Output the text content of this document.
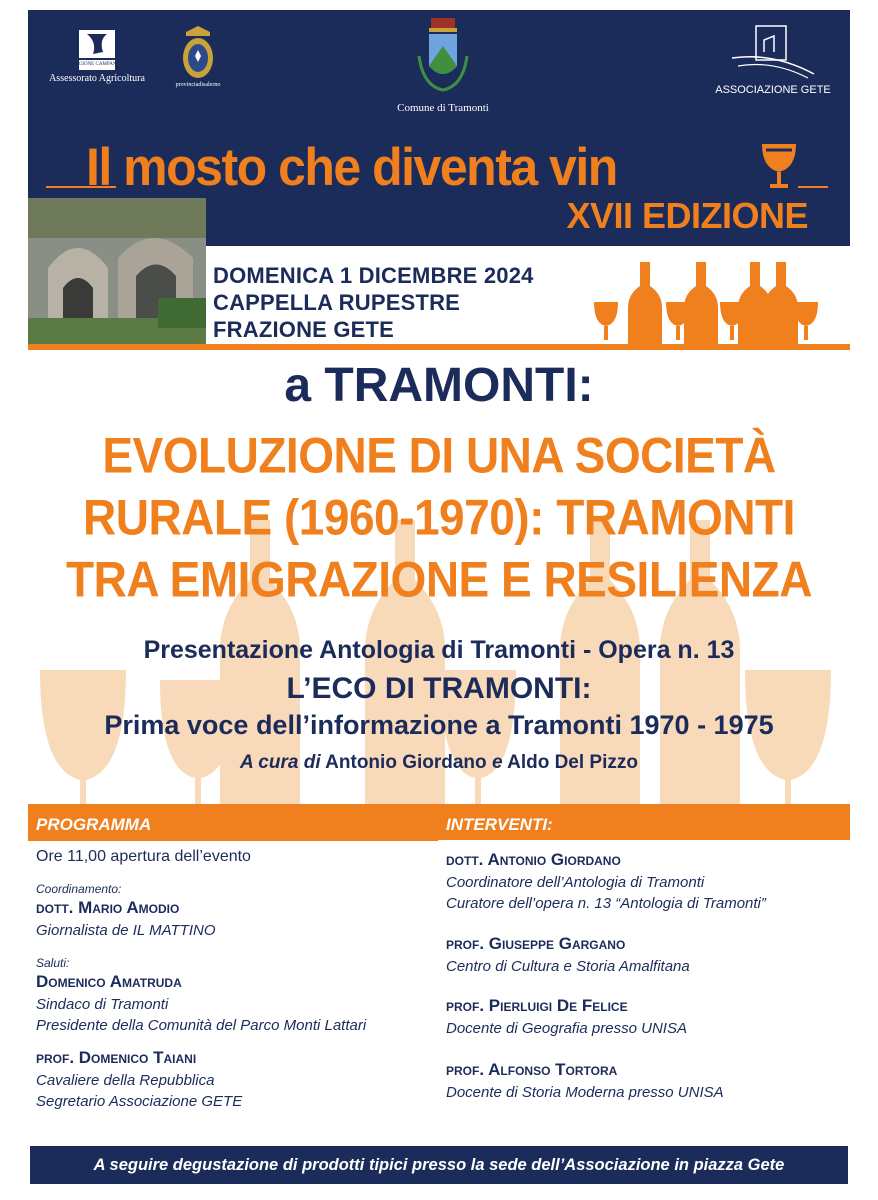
REGIONE CAMPANIA
Assessorato Agricoltura
provinciadisalerno
Comune di Tramonti
ASSOCIAZIONE GETE
Il mosto che diventa vin
XVII EDIZIONE
DOMENICA 1 DICEMBRE 2024
CAPPELLA RUPESTRE
FRAZIONE GETE
a TRAMONTI:
EVOLUZIONE DI UNA SOCIETÀ
RURALE (1960-1970): TRAMONTI
TRA EMIGRAZIONE E RESILIENZA
Presentazione Antologia di Tramonti - Opera n. 13
L’ECO DI TRAMONTI:
Prima voce dell’informazione a Tramonti 1970 - 1975
A cura di Antonio Giordano e Aldo Del Pizzo
PROGRAMMA	INTERVENTI:
Ore 11,00 apertura dell’evento
Coordinamento:
dott. Mario Amodio
Giornalista de IL MATTINO
Saluti:
Domenico Amatruda
Sindaco di Tramonti
Presidente della Comunità del Parco Monti Lattari
prof. Domenico Taiani
Cavaliere della Repubblica
Segretario Associazione GETE
dott. Antonio Giordano
Coordinatore dell’Antologia di Tramonti
Curatore dell’opera n. 13 “Antologia di Tramonti”
prof. Giuseppe Gargano
Centro di Cultura e Storia Amalfitana
prof. Pierluigi De Felice
Docente di Geografia presso UNISA
prof. Alfonso Tortora
Docente di Storia Moderna presso UNISA
A seguire degustazione di prodotti tipici presso la sede dell’Associazione in piazza Gete
